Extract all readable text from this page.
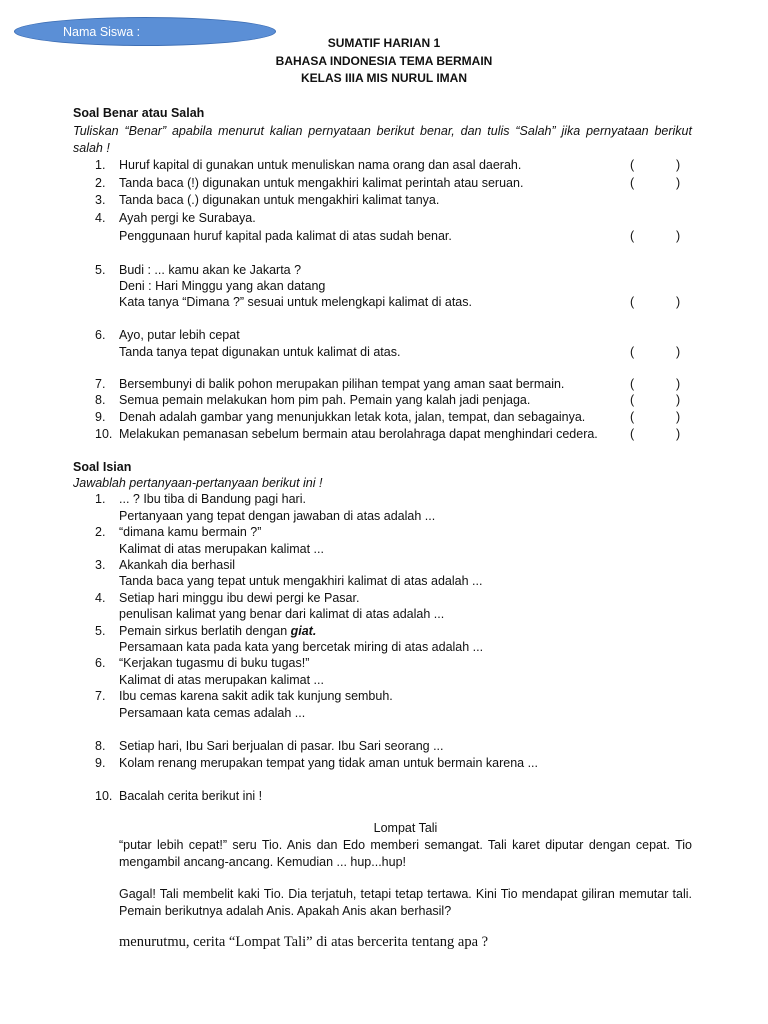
Nama Siswa :
SUMATIF HARIAN 1
BAHASA INDONESIA TEMA BERMAIN
KELAS IIIA MIS NURUL IMAN
Soal Benar atau Salah
Tuliskan “Benar” apabila menurut kalian pernyataan berikut benar, dan tulis “Salah” jika pernyataan berikut salah !
1. Huruf kapital di gunakan untuk menuliskan nama orang dan asal daerah.	(	)
2. Tanda baca (!) digunakan untuk mengakhiri kalimat perintah atau seruan.	(	)
3. Tanda baca (.) digunakan untuk mengakhiri kalimat tanya.
4. Ayah pergi ke Surabaya.
Penggunaan huruf kapital pada kalimat di atas sudah benar.	(	)
5. Budi : ... kamu akan ke Jakarta ?
Deni : Hari Minggu yang akan datang
Kata tanya “Dimana ?” sesuai untuk melengkapi kalimat di atas.	(	)
6. Ayo, putar lebih cepat
Tanda tanya tepat digunakan untuk kalimat di atas.	(	)
7. Bersembunyi di balik pohon merupakan pilihan tempat yang aman saat bermain.	(	)
8. Semua pemain melakukan hom pim pah. Pemain yang kalah jadi penjaga.	(	)
9. Denah adalah gambar yang menunjukkan letak kota, jalan, tempat, dan sebagainya.	(	)
10. Melakukan pemanasan sebelum bermain atau berolahraga dapat menghindari cedera.	(	)
Soal Isian
Jawablah pertanyaan-pertanyaan berikut ini !
1. ... ? Ibu tiba di Bandung pagi hari.
Pertanyaan yang tepat dengan jawaban di atas adalah ...
2. “dimana kamu bermain ?”
Kalimat di atas merupakan kalimat ...
3. Akankah dia berhasil
Tanda baca yang tepat untuk mengakhiri kalimat di atas adalah ...
4. Setiap hari minggu ibu dewi pergi ke Pasar.
penulisan kalimat yang benar dari kalimat di atas adalah ...
5. Pemain sirkus berlatih dengan giat.
Persamaan kata pada kata yang bercetak miring di atas adalah ...
6. “Kerjakan tugasmu di buku tugas!”
Kalimat di atas merupakan kalimat ...
7. Ibu cemas karena sakit adik tak kunjung sembuh.
Persamaan kata cemas adalah ...
8. Setiap hari, Ibu Sari berjualan di pasar. Ibu Sari seorang ...
9. Kolam renang merupakan tempat yang tidak aman untuk bermain karena ...
10. Bacalah cerita berikut ini !
Lompat Tali
“putar lebih cepat!” seru Tio. Anis dan Edo memberi semangat. Tali karet diputar dengan cepat. Tio mengambil ancang-ancang. Kemudian ... hup...hup!
Gagal! Tali membelit kaki Tio. Dia terjatuh, tetapi tetap tertawa. Kini Tio mendapat giliran memutar tali. Pemain berikutnya adalah Anis. Apakah Anis akan berhasil?
menurutmu, cerita “Lompat Tali” di atas bercerita tentang apa ?
